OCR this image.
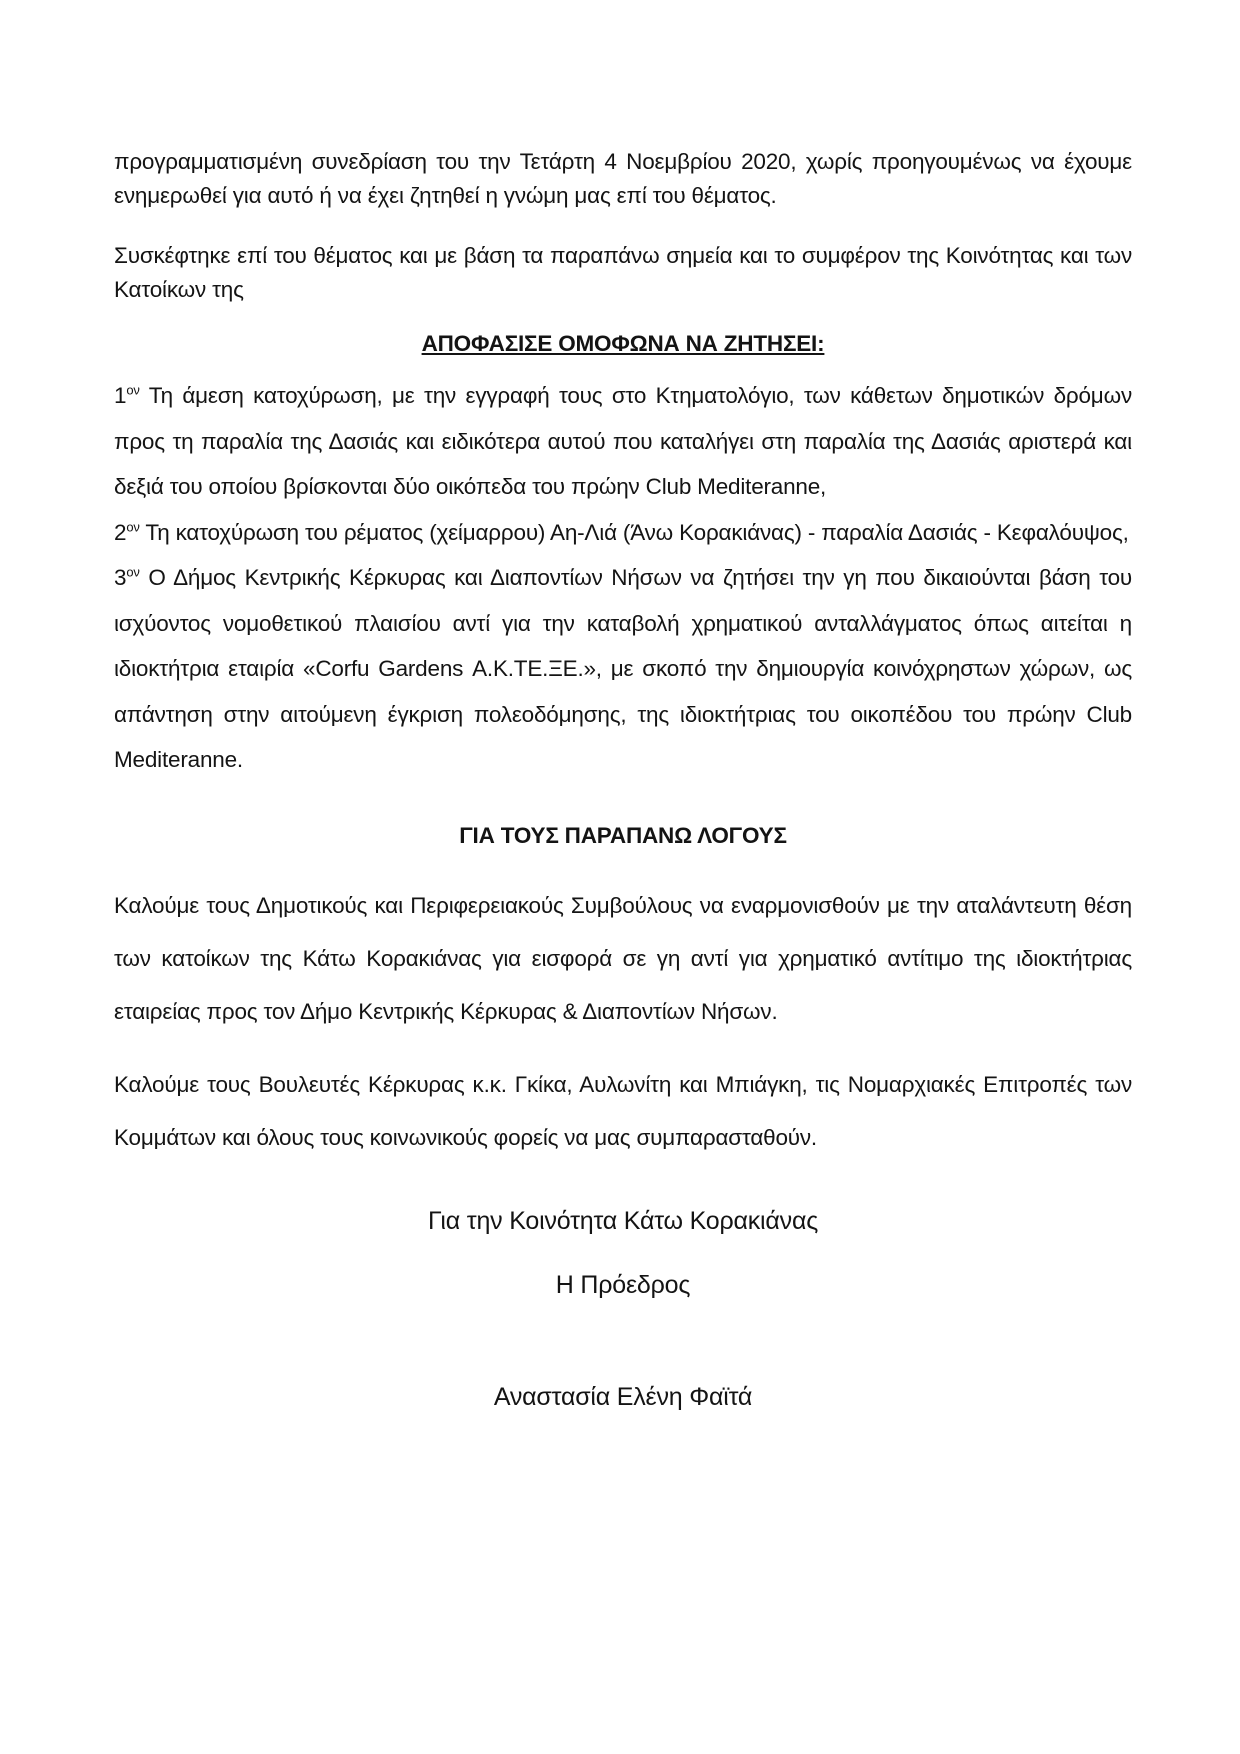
προγραμματισμένη συνεδρίαση του την Τετάρτη 4 Νοεμβρίου 2020, χωρίς προηγουμένως να έχουμε ενημερωθεί για αυτό ή να έχει ζητηθεί η γνώμη μας επί του θέματος.

Συσκέφτηκε επί του θέματος και με βάση τα παραπάνω σημεία και το συμφέρον της Κοινότητας και των Κατοίκων της

ΑΠΟΦΑΣΙΣΕ ΟΜΟΦΩΝΑ ΝΑ ΖΗΤΗΣΕΙ:

$1^{o\nu}$ Τη άμεση κατοχύρωση, με την εγγραφή τους στο Κτηματολόγιο, των κάθετων δημοτικών δρόμων προς τη παραλία της Δασιάς και ειδικότερα αυτού που καταλήγει στη παραλία της Δασιάς αριστερά και δεξιά του οποίου βρίσκονται δύο οικόπεδα του πρώην Club Mediteranne,

$2^{o\nu}$ Τη κατοχύρωση του ρέματος (χείμαρρου) Αη-Λιά (Άνω Κορακιάνας) - παραλία Δασιάς - Κεφαλόυψος,

$3^{o\nu}$ Ο Δήμος Κεντρικής Κέρκυρας και Διαποντίων Νήσων να ζητήσει την γη που δικαιούνται βάση του ισχύοντος νομοθετικού πλαισίου αντί για την καταβολή χρηματικού ανταλλάγματος όπως αιτείται η ιδιοκτήτρια εταιρία «Corfu Gardens Α.Κ.ΤΕ.ΞΕ.», με σκοπό την δημιουργία κοινόχρηστων χώρων, ως απάντηση στην αιτούμενη έγκριση πολεοδόμησης, της ιδιοκτήτριας του οικοπέδου του πρώην Club Mediteranne.

ΓΙΑ ΤΟΥΣ ΠΑΡΑΠΑΝΩ ΛΟΓΟΥΣ

Καλούμε τους Δημοτικούς και Περιφερειακούς Συμβούλους να εναρμονισθούν με την αταλάντευτη θέση των κατοίκων της Κάτω Κορακιάνας για εισφορά σε γη αντί για χρηματικό αντίτιμο της ιδιοκτήτριας εταιρείας προς τον Δήμο Κεντρικής Κέρκυρας & Διαποντίων Νήσων.

Καλούμε τους Βουλευτές Κέρκυρας κ.κ. Γκίκα, Αυλωνίτη και Μπιάγκη, τις Νομαρχιακές Επιτροπές των Κομμάτων και όλους τους κοινωνικούς φορείς να μας συμπαρασταθούν.

Για την Κοινότητα Κάτω Κορακιάνας

Η Πρόεδρος

Αναστασία Ελένη Φαϊτά
